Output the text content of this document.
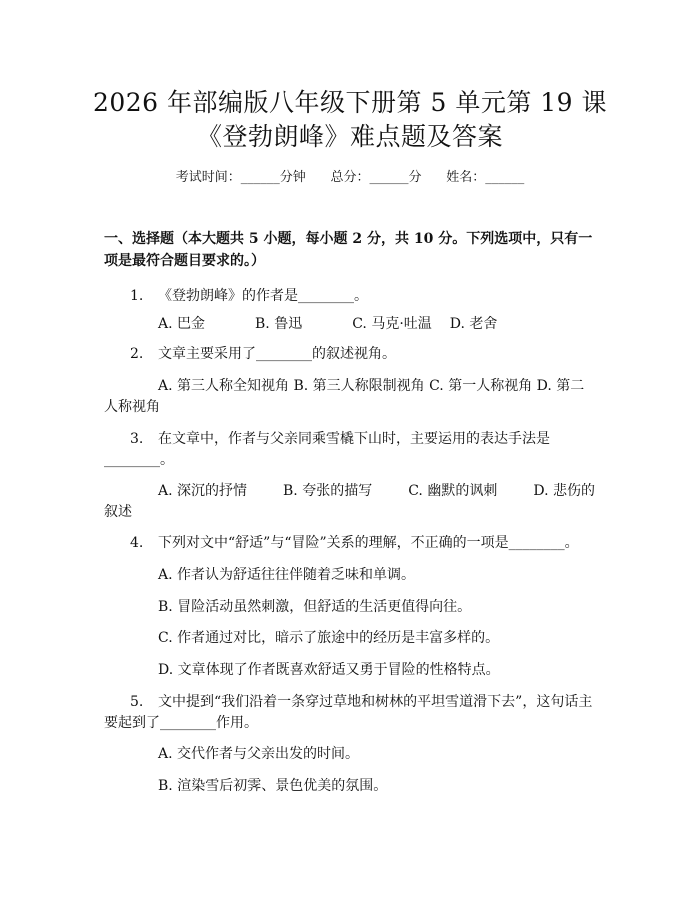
2026 年部编版八年级下册第 5 单元第 19 课
《登勃朗峰》难点题及答案
考试时间：______分钟      总分：______分      姓名：______
一、选择题（本大题共 5 小题，每小题 2 分，共 10 分。下列选项中，只有一项是最符合题目要求的。）
1. 《登勃朗峰》的作者是________。
A. 巴金	B. 鲁迅	C. 马克·吐温 D. 老舍
2. 文章主要采用了________的叙述视角。
A. 第三人称全知视角 B. 第三人称限制视角 C. 第一人称视角 D. 第二
人称视角
3. 在文章中，作者与父亲同乘雪橇下山时，主要运用的表达手法是
________。
A. 深沉的抒情	B. 夸张的描写	C. 幽默的讽刺	D. 悲伤的
叙述
4. 下列对文中“舒适”与“冒险”关系的理解，不正确的一项是________。
A. 作者认为舒适往往伴随着乏味和单调。
B. 冒险活动虽然刺激，但舒适的生活更值得向往。
C. 作者通过对比，暗示了旅途中的经历是丰富多样的。
D. 文章体现了作者既喜欢舒适又勇于冒险的性格特点。
5. 文中提到“我们沿着一条穿过草地和树林的平坦雪道滑下去”，这句话主
要起到了________作用。
A. 交代作者与父亲出发的时间。
B. 渲染雪后初霁、景色优美的氛围。
